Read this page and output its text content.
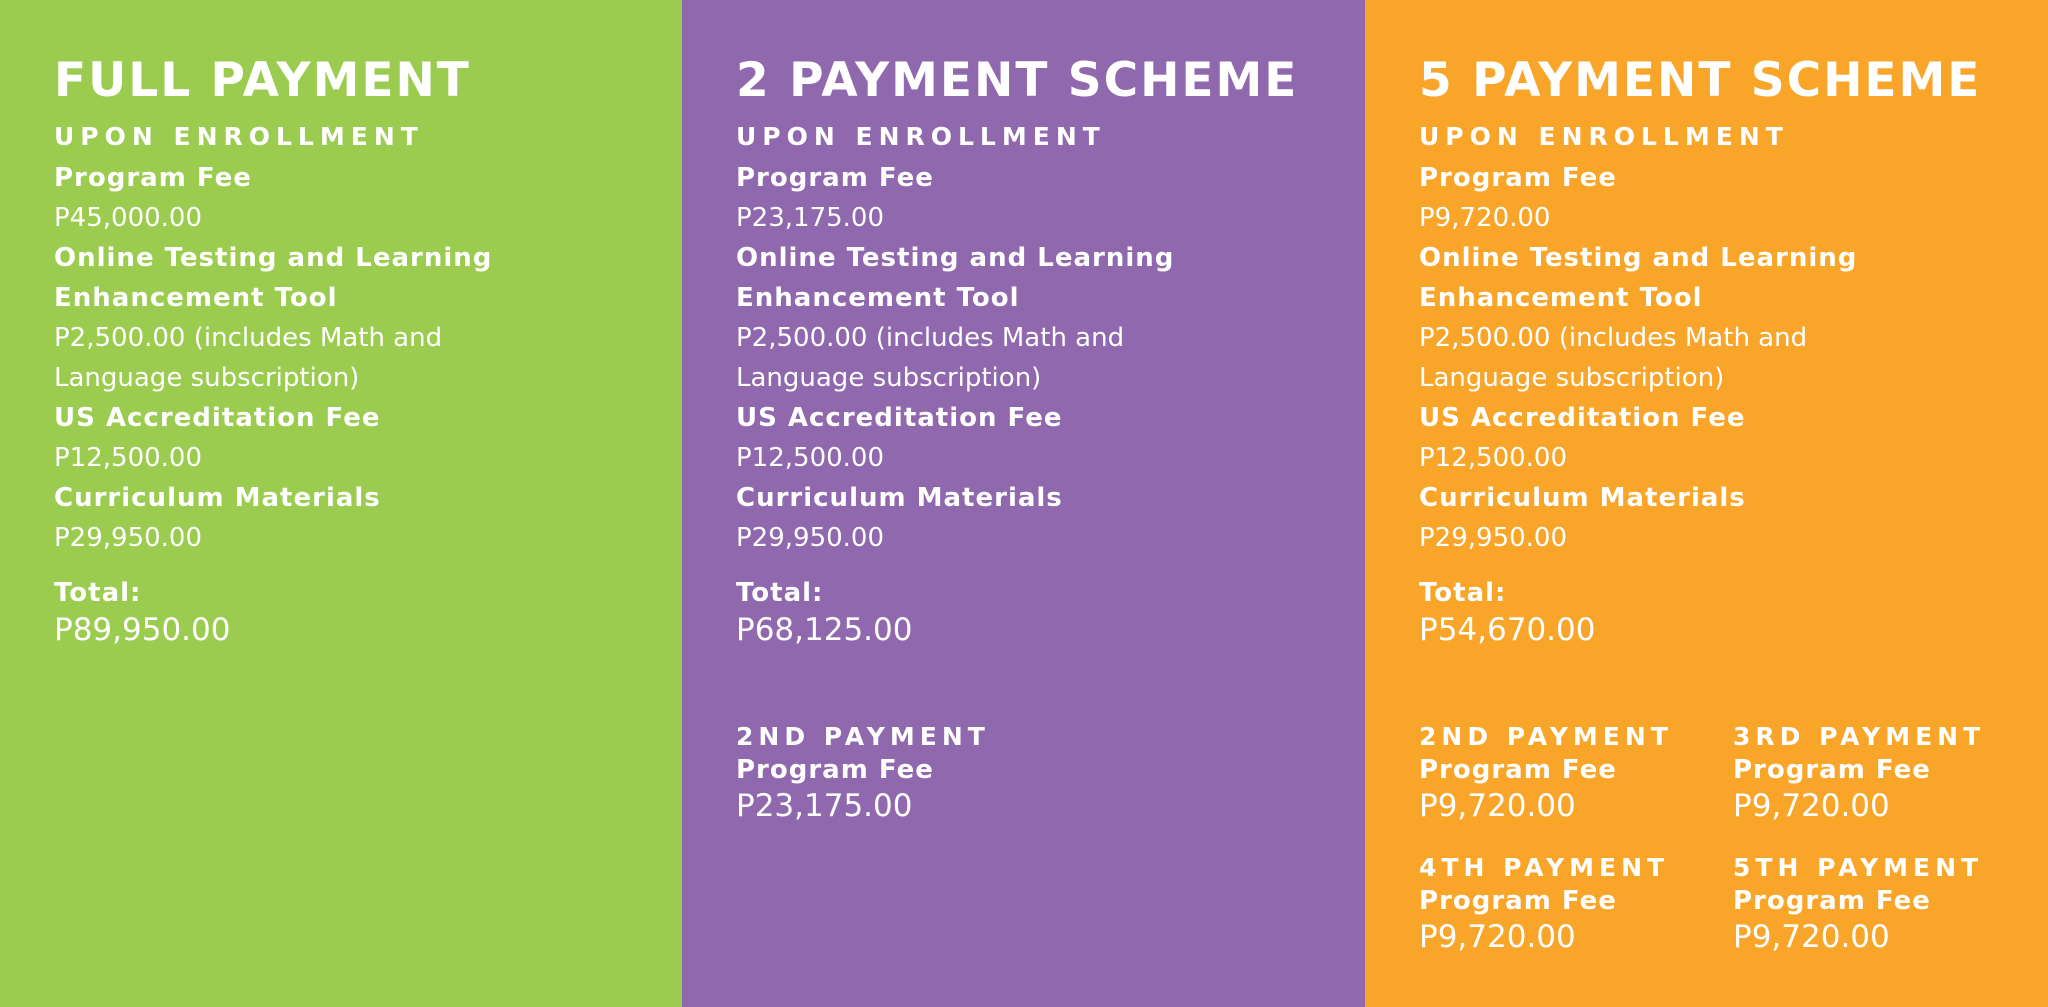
FULL PAYMENT
UPON ENROLLMENT
Program Fee
P45,000.00
Online Testing and Learning
Enhancement Tool
P2,500.00 (includes Math and
Language subscription)
US Accreditation Fee
P12,500.00
Curriculum Materials
P29,950.00
Total:
P89,950.00
2 PAYMENT SCHEME
UPON ENROLLMENT
Program Fee
P23,175.00
Online Testing and Learning
Enhancement Tool
P2,500.00 (includes Math and
Language subscription)
US Accreditation Fee
P12,500.00
Curriculum Materials
P29,950.00
Total:
P68,125.00
2ND PAYMENT
Program Fee
P23,175.00
5 PAYMENT SCHEME
UPON ENROLLMENT
Program Fee
P9,720.00
Online Testing and Learning
Enhancement Tool
P2,500.00 (includes Math and
Language subscription)
US Accreditation Fee
P12,500.00
Curriculum Materials
P29,950.00
Total:
P54,670.00
2ND PAYMENT
Program Fee
P9,720.00
3RD PAYMENT
Program Fee
P9,720.00
4TH PAYMENT
Program Fee
P9,720.00
5TH PAYMENT
Program Fee
P9,720.00
